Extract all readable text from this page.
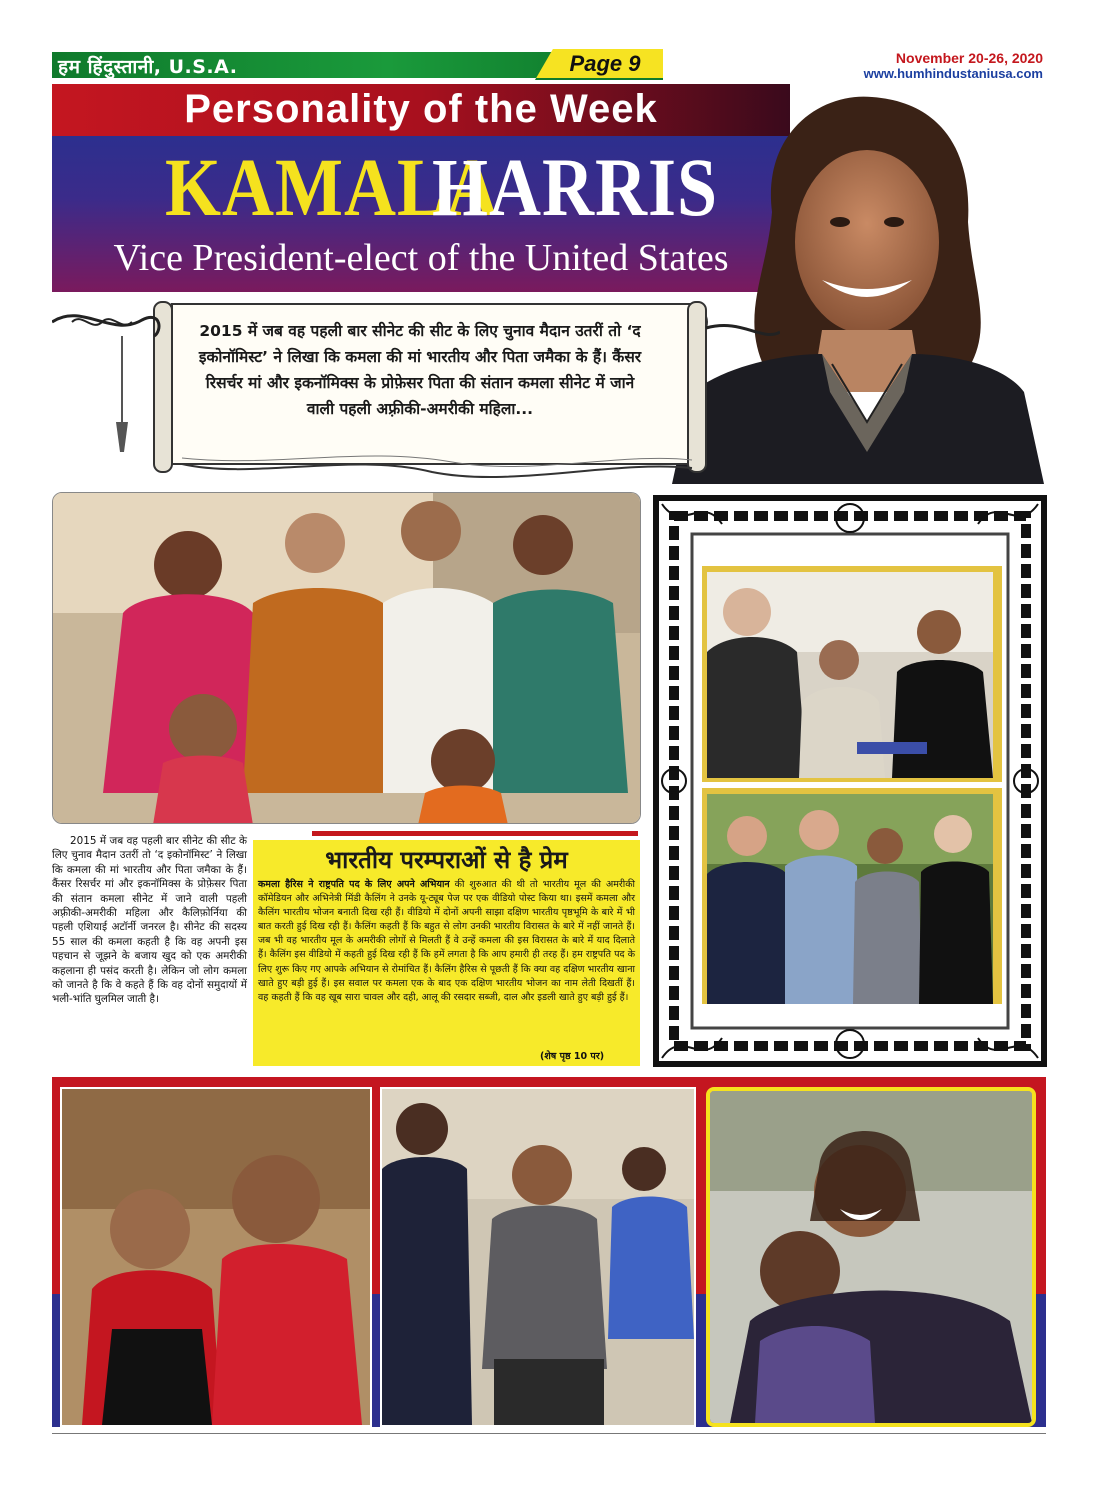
हम हिंदुस्तानी, U.S.A.	Page 9	November 20-26, 2020
www.humhindustaniusa.com
Personality of the Week
KAMALA
HARRIS
Vice President-elect of the United States
2015 में जब वह पहली बार सीनेट की सीट के लिए चुनाव मैदान उतरीं तो ‘द इकोनॉमिस्ट’ ने लिखा कि कमला की मां भारतीय और पिता जमैका के हैं। कैंसर रिसर्चर मां और इकनॉमिक्स के प्रोफ़ेसर पिता की संतान कमला सीनेट में जाने वाली पहली अफ़्रीकी-अमरीकी महिला...
2015 में जब वह पहली बार सीनेट की सीट के लिए चुनाव मैदान उतरीं तो ‘द इकोनॉमिस्ट’ ने लिखा कि कमला की मां भारतीय और पिता जमैका के हैं। कैंसर रिसर्चर मां और इकनॉमिक्स के प्रोफ़ेसर पिता की संतान कमला सीनेट में जाने वाली पहली अफ़्रीकी-अमरीकी महिला और कैलिफ़ोर्निया की पहली एशियाई अटॉर्नी जनरल है। सीनेट की सदस्य 55 साल की कमला कहती है कि वह अपनी इस पहचान से जूझने के बजाय खुद को एक अमरीकी कहलाना ही पसंद करती है। लेकिन जो लोग कमला को जानते है कि वे कहते हैं कि वह दोनों समुदायों में भली-भांति घुलमिल जाती है।
भारतीय परम्पराओं से है प्रेम
कमला हैरिस ने राष्ट्रपति पद के लिए अपने अभियान की शुरुआत की थी तो भारतीय मूल की अमरीकी कॉमेडियन और अभिनेत्री मिंडी कैलिंग ने उनके यू-ट्यूब पेज पर एक वीडियो पोस्ट किया था। इसमें कमला और कैलिंग भारतीय भोजन बनाती दिख रही हैं। वीडियो में दोनों अपनी साझा दक्षिण भारतीय पृष्ठभूमि के बारे में भी बात करती हुई दिख रही हैं। कैलिंग कहती हैं कि बहुत से लोग उनकी भारतीय विरासत के बारे में नहीं जानते हैं। जब भी वह भारतीय मूल के अमरीकी लोगों से मिलती हैं वे उन्हें कमला की इस विरासत के बारे में याद दिलाते हैं। कैलिंग इस वीडियो में कहती हुई दिख रही हैं कि हमें लगता है कि आप हमारी ही तरह हैं। हम राष्ट्रपति पद के लिए शुरू किए गए आपके अभियान से रोमांचित हैं। कैलिंग हैरिस से पूछती हैं कि क्या वह दक्षिण भारतीय खाना खाते हुए बड़ी हुई हैं। इस सवाल पर कमला एक के बाद एक दक्षिण भारतीय भोजन का नाम लेती दिखतीं हैं। वह कहती हैं कि वह खूब सारा चावल और दही, आलू की रसदार सब्जी, दाल और इडली खाते हुए बड़ी हुई हैं।
(शेष पृष्ठ 10 पर)
